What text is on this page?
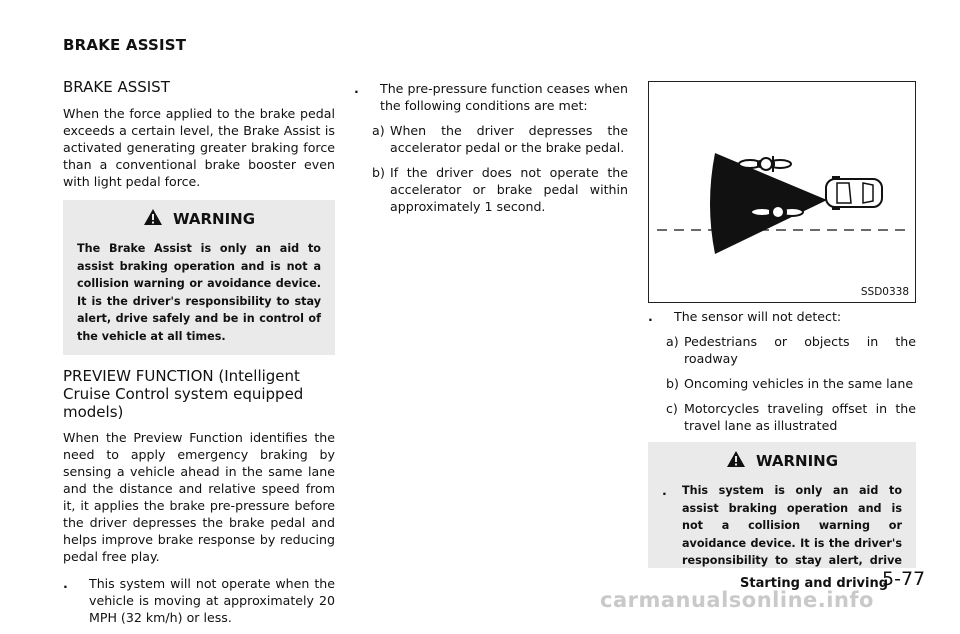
BRAKE ASSIST
BRAKE ASSIST

When the force applied to the brake pedal exceeds a certain level, the Brake Assist is activated generating greater braking force than a conventional brake booster even with light pedal force.

WARNING
The Brake Assist is only an aid to assist braking operation and is not a collision warning or avoidance device. It is the driver's responsibility to stay alert, drive safely and be in control of the vehicle at all times.
PREVIEW FUNCTION (Intelligent Cruise Control system equipped models)

When the Preview Function identifies the need to apply emergency braking by sensing a vehicle ahead in the same lane and the distance and relative speed from it, it applies the brake pre-pressure before the driver depresses the brake pedal and helps improve brake response by reducing pedal free play.

.	This system will not operate when the vehicle is moving at approximately 20 MPH (32 km/h) or less.
.	The pre-pressure function ceases when the following conditions are met:
a) When the driver depresses the accelerator pedal or the brake pedal.
b) If the driver does not operate the accelerator or brake pedal within approximately 1 second.
SSD0338
.	The sensor will not detect:
a) Pedestrians or objects in the roadway
b) Oncoming vehicles in the same lane
c) Motorcycles traveling offset in the travel lane as illustrated
WARNING
.	This system is only an aid to assist braking operation and is not a collision warning or avoidance device. It is the driver's responsibility to stay alert, drive
Starting and driving
5-77
carmanualsonline.info
